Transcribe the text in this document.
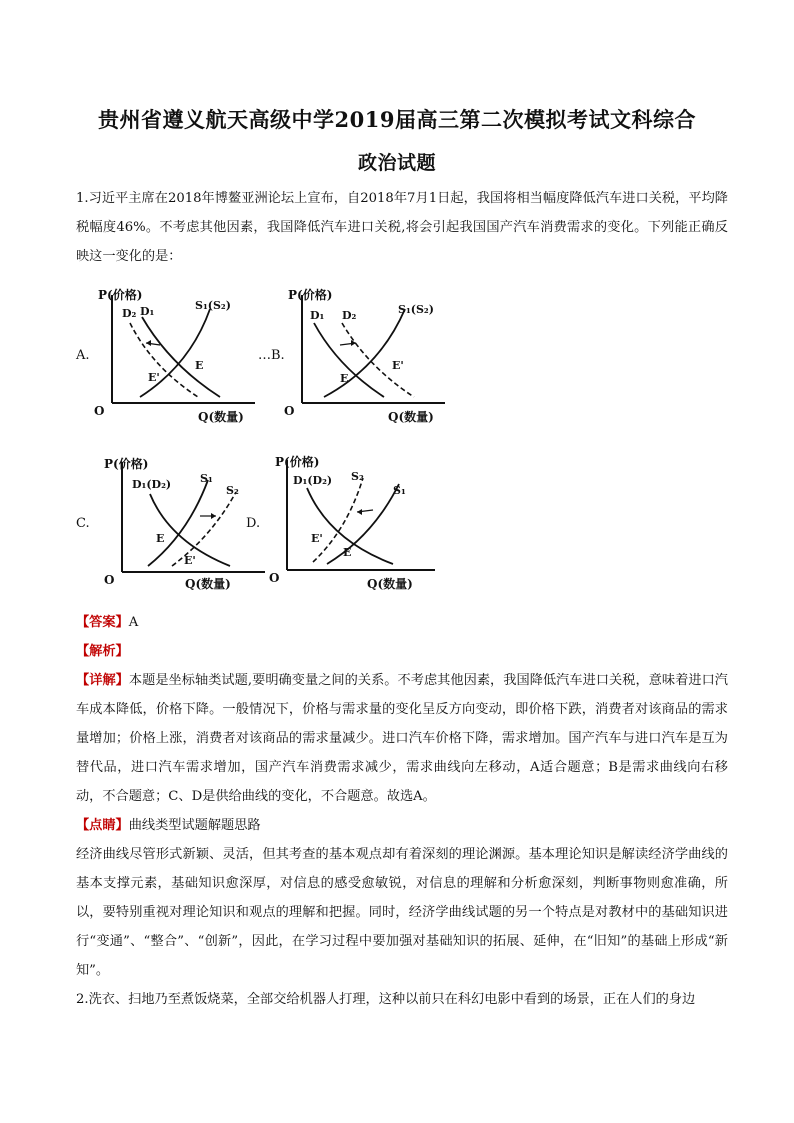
贵州省遵义航天高级中学2019届高三第二次模拟考试文科综合
政治试题
1.习近平主席在2018年博鳌亚洲论坛上宣布，自2018年7月1日起，我国将相当幅度降低汽车进口关税，平均降税幅度46%。不考虑其他因素，我国降低汽车进口关税,将会引起我国国产汽车消费需求的变化。下列能正确反映这一变化的是：
A.
P(价格)
Q(数量)
O
D₂ D₁	S₁(S₂)
E
E'
…B.
P(价格)
Q(数量)
O
D₁ D₂	S₁(S₂)
E
E'
C.
P(价格)
Q(数量)
O
D₁(D₂)	S₁
S₂
E
E'
D.
P(价格)
Q(数量)
O
D₁(D₂) S₂
S₁
E'
E

【答案】A

【解析】

【详解】本题是坐标轴类试题,要明确变量之间的关系。不考虑其他因素，我国降低汽车进口关税，意味着进口汽车成本降低，价格下降。一般情况下，价格与需求量的变化呈反方向变动，即价格下跌，消费者对该商品的需求量增加；价格上涨，消费者对该商品的需求量减少。进口汽车价格下降，需求增加。国产汽车与进口汽车是互为替代品，进口汽车需求增加，国产汽车消费需求减少，需求曲线向左移动，A适合题意；B是需求曲线向右移动，不合题意；C、D是供给曲线的变化，不合题意。故选A。

【点睛】曲线类型试题解题思路

经济曲线尽管形式新颖、灵活，但其考查的基本观点却有着深刻的理论渊源。基本理论知识是解读经济学曲线的基本支撑元素，基础知识愈深厚，对信息的感受愈敏锐，对信息的理解和分析愈深刻，判断事物则愈准确，所以，要特别重视对理论知识和观点的理解和把握。同时，经济学曲线试题的另一个特点是对教材中的基础知识进行“变通”、“整合”、“创新”，因此，在学习过程中要加强对基础知识的拓展、延伸，在“旧知”的基础上形成“新知”。

2.洗衣、扫地乃至煮饭烧菜，全部交给机器人打理，这种以前只在科幻电影中看到的场景，正在人们的身边
